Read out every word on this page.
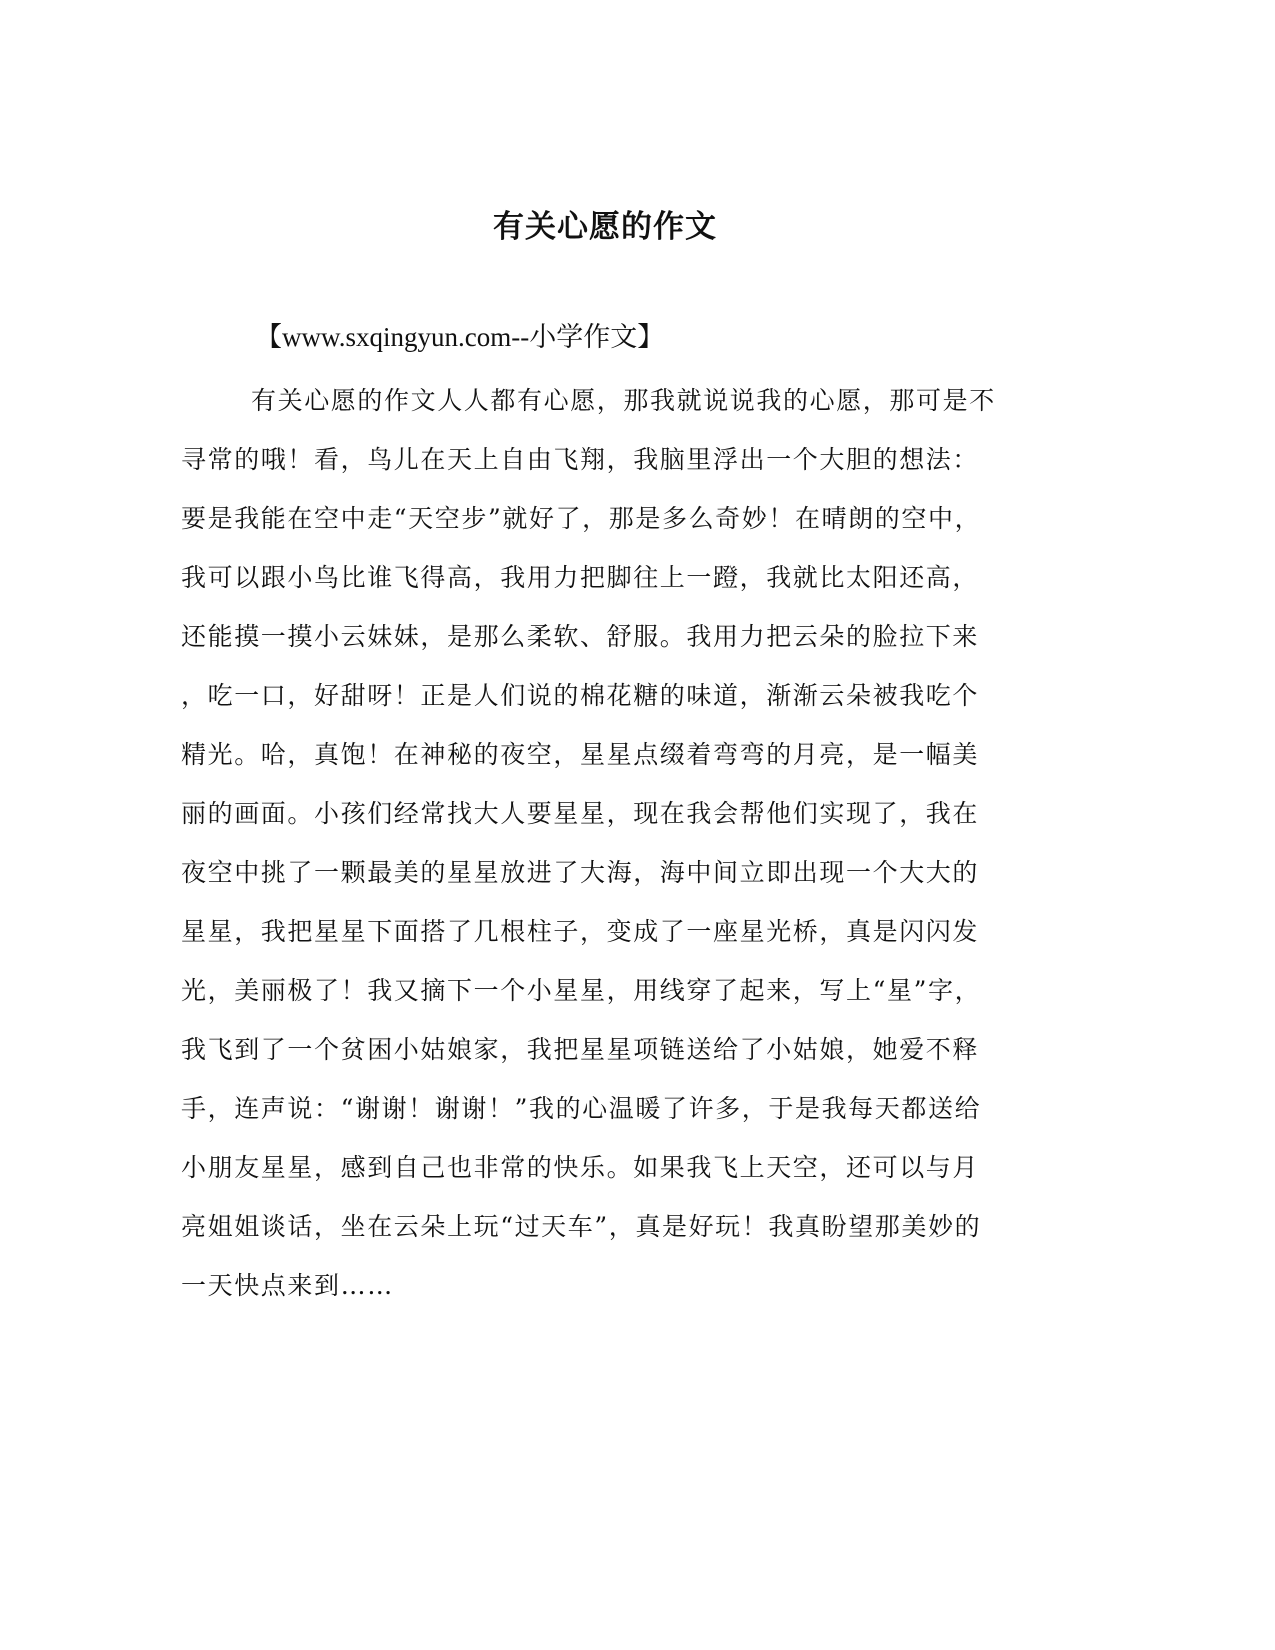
有关心愿的作文

【www.sxqingyun.com--小学作文】

有关心愿的作文人人都有心愿，那我就说说我的心愿，那可是不
寻常的哦！看，鸟儿在天上自由飞翔，我脑里浮出一个大胆的想法：
要是我能在空中走“天空步”就好了，那是多么奇妙！在晴朗的空中，
我可以跟小鸟比谁飞得高，我用力把脚往上一蹬，我就比太阳还高，
还能摸一摸小云妹妹，是那么柔软、舒服。我用力把云朵的脸拉下来
，吃一口，好甜呀！正是人们说的棉花糖的味道，渐渐云朵被我吃个
精光。哈，真饱！在神秘的夜空，星星点缀着弯弯的月亮，是一幅美
丽的画面。小孩们经常找大人要星星，现在我会帮他们实现了，我在
夜空中挑了一颗最美的星星放进了大海，海中间立即出现一个大大的
星星，我把星星下面搭了几根柱子，变成了一座星光桥，真是闪闪发
光，美丽极了！我又摘下一个小星星，用线穿了起来，写上“星”字，
我飞到了一个贫困小姑娘家，我把星星项链送给了小姑娘，她爱不释
手，连声说：“谢谢！谢谢！”我的心温暖了许多，于是我每天都送给
小朋友星星，感到自己也非常的快乐。如果我飞上天空，还可以与月
亮姐姐谈话，坐在云朵上玩“过天车”，真是好玩！我真盼望那美妙的
一天快点来到……
